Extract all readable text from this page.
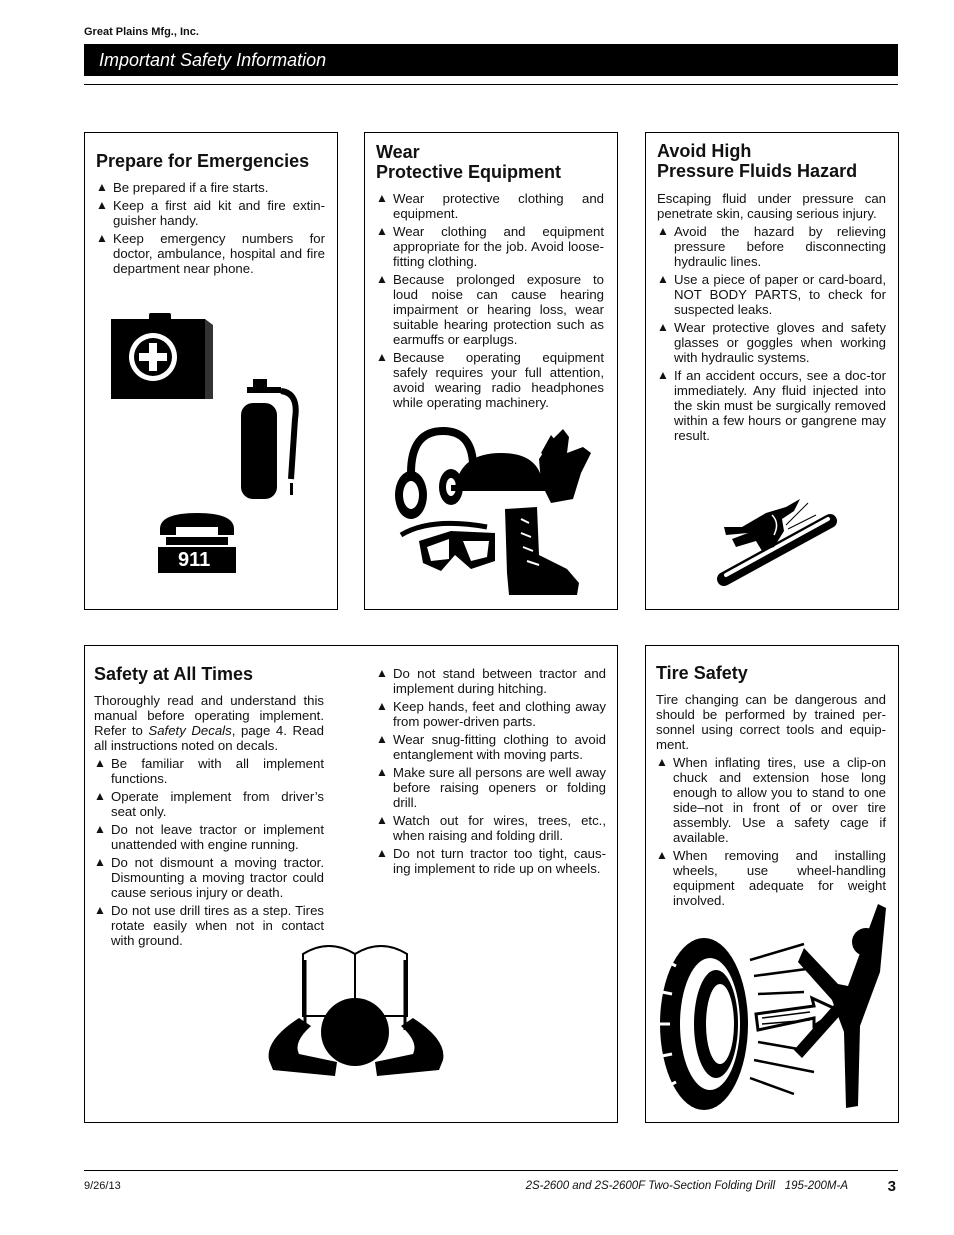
Great Plains Mfg., Inc.
Important Safety Information
Prepare for Emergencies
▲ Be prepared if a fire starts.
▲ Keep a first aid kit and fire extin-guisher handy.
▲ Keep emergency numbers for doctor, ambulance, hospital and fire department near phone.
911
Wear
Protective Equipment
▲ Wear protective clothing and equipment.
▲ Wear clothing and equipment appropriate for the job. Avoid loose-fitting clothing.
▲ Because prolonged exposure to loud noise can cause hearing impairment or hearing loss, wear suitable hearing protection such as earmuffs or earplugs.
▲ Because operating equipment safely requires your full attention, avoid wearing radio headphones while operating machinery.
Avoid High
Pressure Fluids Hazard

Escaping fluid under pressure can penetrate skin, causing serious injury.

▲ Avoid the hazard by relieving pressure before disconnecting hydraulic lines.
▲ Use a piece of paper or card-board, NOT BODY PARTS, to check for suspected leaks.
▲ Wear protective gloves and safety glasses or goggles when working with hydraulic systems.
▲ If an accident occurs, see a doc-tor immediately. Any fluid injected into the skin must be surgically removed within a few hours or gangrene may result.
Safety at All Times

Thoroughly read and understand this manual before operating implement. Refer to Safety Decals, page 4. Read all instructions noted on decals.

▲ Be familiar with all implement functions.
▲ Operate implement from driver’s seat only.
▲ Do not leave tractor or implement unattended with engine running.
▲ Do not dismount a moving tractor. Dismounting a moving tractor could cause serious injury or death.
▲ Do not use drill tires as a step. Tires rotate easily when not in contact with ground.
▲ Do not stand between tractor and implement during hitching.
▲ Keep hands, feet and clothing away from power-driven parts.
▲ Wear snug-fitting clothing to avoid entanglement with moving parts.
▲ Make sure all persons are well away before raising openers or folding drill.
▲ Watch out for wires, trees, etc., when raising and folding drill.
▲ Do not turn tractor too tight, caus-ing implement to ride up on wheels.
Tire Safety

Tire changing can be dangerous and should be performed by trained per-sonnel using correct tools and equip-ment.

▲ When inflating tires, use a clip-on chuck and extension hose long enough to allow you to stand to one side–not in front of or over tire assembly. Use a safety cage if available.
▲ When removing and installing wheels, use wheel-handling equipment adequate for weight involved.
9/26/13	2S-2600 and 2S-2600F Two-Section Folding Drill   195-200M-A	3
